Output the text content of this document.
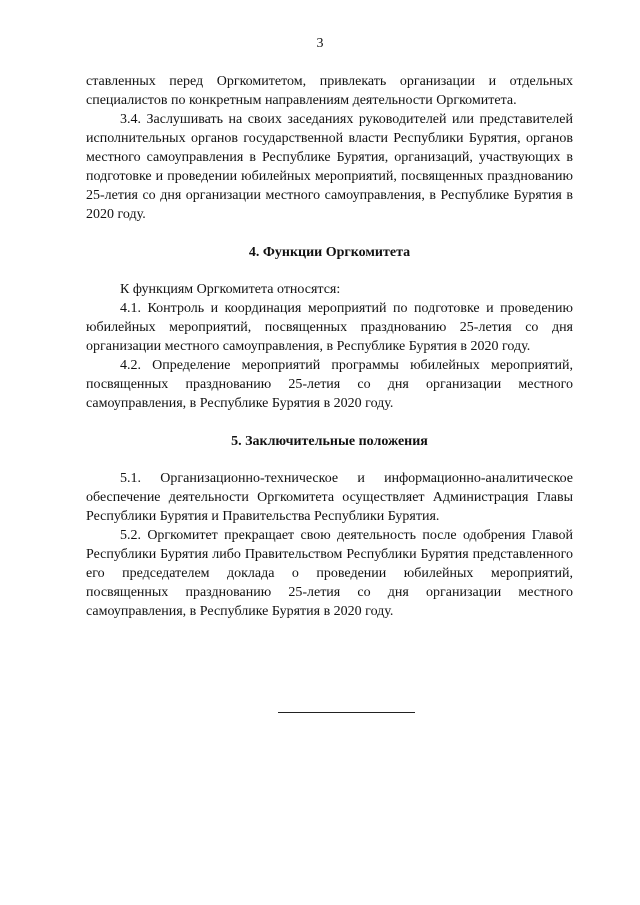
3

ставленных перед Оргкомитетом, привлекать организации и отдельных специалистов по конкретным направлениям деятельности Оргкомитета.

3.4. Заслушивать на своих заседаниях руководителей или представителей исполнительных органов государственной власти Республики Бурятия, органов местного самоуправления в Республике Бурятия, организаций, участвующих в подготовке и проведении юбилейных мероприятий, посвященных празднованию 25-летия со дня организации местного самоуправления, в Республике Бурятия в 2020 году.

4. Функции Оргкомитета

К функциям Оргкомитета относятся:

4.1. Контроль и координация мероприятий по подготовке и проведению юбилейных мероприятий, посвященных празднованию 25-летия со дня организации местного самоуправления, в Республике Бурятия в 2020 году.

4.2. Определение мероприятий программы юбилейных мероприятий, посвященных празднованию 25-летия со дня организации местного самоуправления, в Республике Бурятия в 2020 году.

5. Заключительные положения

5.1. Организационно-техническое и информационно-аналитическое обеспечение деятельности Оргкомитета осуществляет Администрация Главы Республики Бурятия и Правительства Республики Бурятия.

5.2. Оргкомитет прекращает свою деятельность после одобрения Главой Республики Бурятия либо Правительством Республики Бурятия представленного его председателем доклада о проведении юбилейных мероприятий, посвященных празднованию 25-летия со дня организации местного самоуправления, в Республике Бурятия в 2020 году.
